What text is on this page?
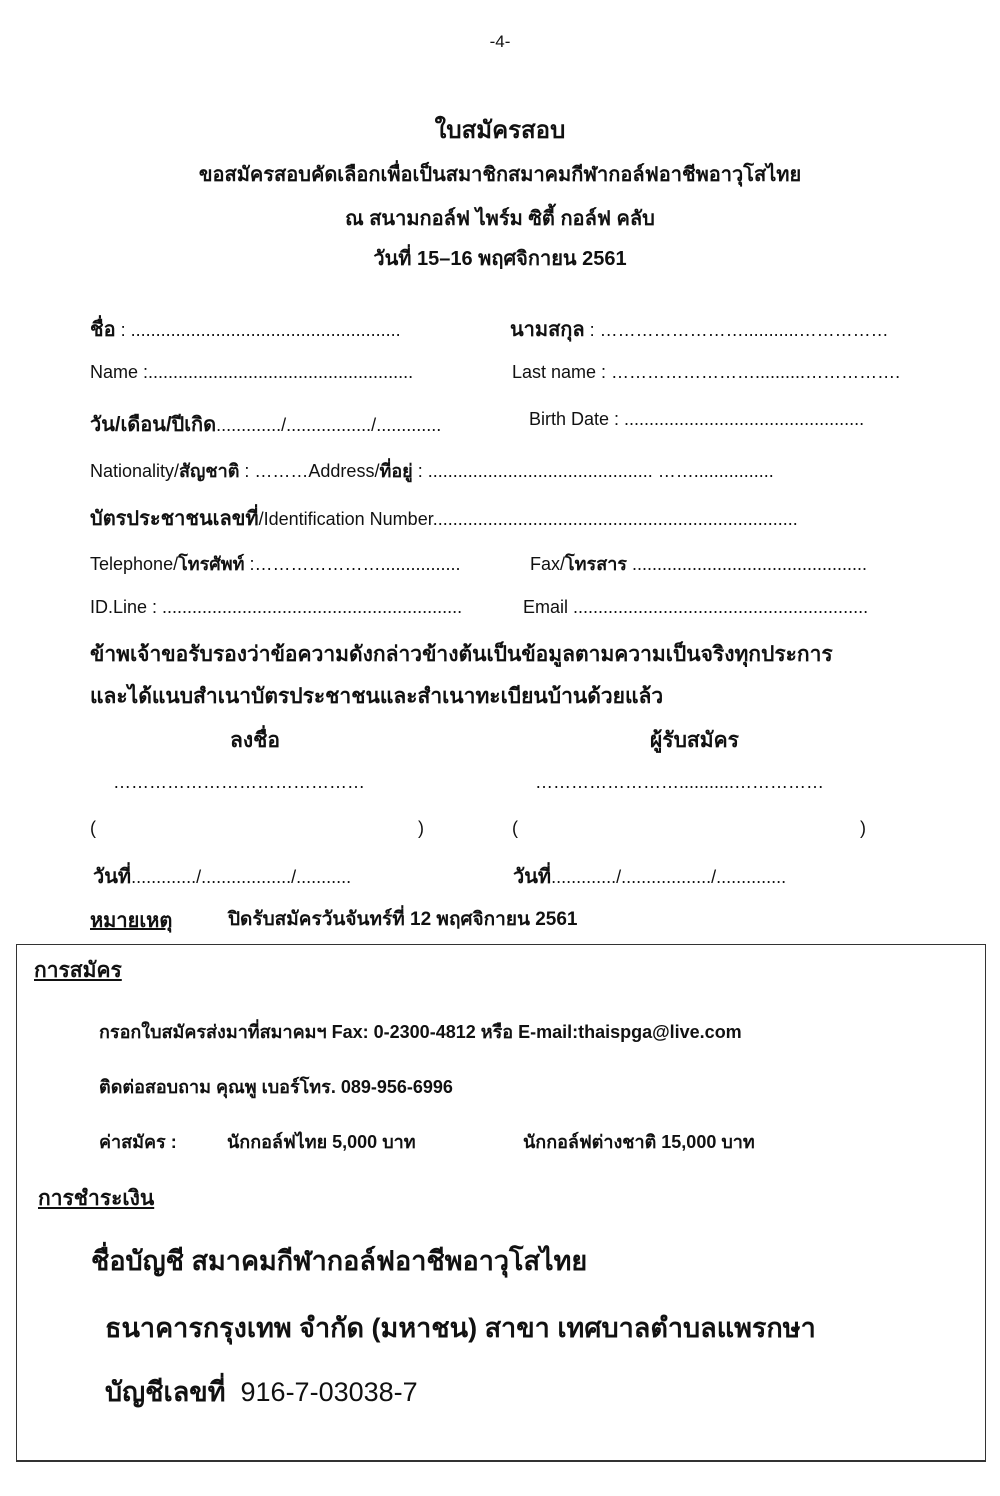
-4-
ใบสมัครสอบ
ขอสมัครสอบคัดเลือกเพื่อเป็นสมาชิกสมาคมกีฬากอล์ฟอาชีพอาวุโสไทย
ณ สนามกอล์ฟ ไพร์ม ซิตี้ กอล์ฟ คลับ
วันที่ 15–16 พฤศจิกายน 2561
ชื่อ : ......................................................	นามสกุล : ……………………...........……………
Name :.....................................................	Last name : ……………………..........…………….
วัน/เดือน/ปีเกิด............./................./.............	Birth Date : ................................................
Nationality/สัญชาติ : ………Address/ที่อยู่ : ............................................. ……................
บัตรประชาชนเลขที่/Identification Number.........................................................................
Telephone/โทรศัพท์ :…………………................	Fax/โทรสาร ...............................................
ID.Line : ............................................................	Email ...........................................................
ข้าพเจ้าขอรับรองว่าข้อความดังกล่าวข้างต้นเป็นข้อมูลตามความเป็นจริงทุกประการ
และได้แนบสำเนาบัตรประชาชนและสำเนาทะเบียนบ้านด้วยแล้ว
ลงชื่อ	ผู้รับสมัคร
……………………………………	……………………...........……………
(	)	(	)
วันที่............./................../...........	วันที่............./................../..............
หมายเหตุ	ปิดรับสมัครวันจันทร์ที่ 12 พฤศจิกายน 2561
การสมัคร
กรอกใบสมัครส่งมาที่สมาคมฯ Fax: 0-2300-4812 หรือ E-mail:thaispga@live.com
ติดต่อสอบถาม คุณพู เบอร์โทร. 089-956-6996
ค่าสมัคร :	นักกอล์ฟไทย 5,000 บาท	นักกอล์ฟต่างชาติ 15,000 บาท
การชำระเงิน
ชื่อบัญชี สมาคมกีฬากอล์ฟอาชีพอาวุโสไทย
ธนาคารกรุงเทพ จำกัด (มหาชน) สาขา เทศบาลตำบลแพรกษา
บัญชีเลขที่ 916-7-03038-7
